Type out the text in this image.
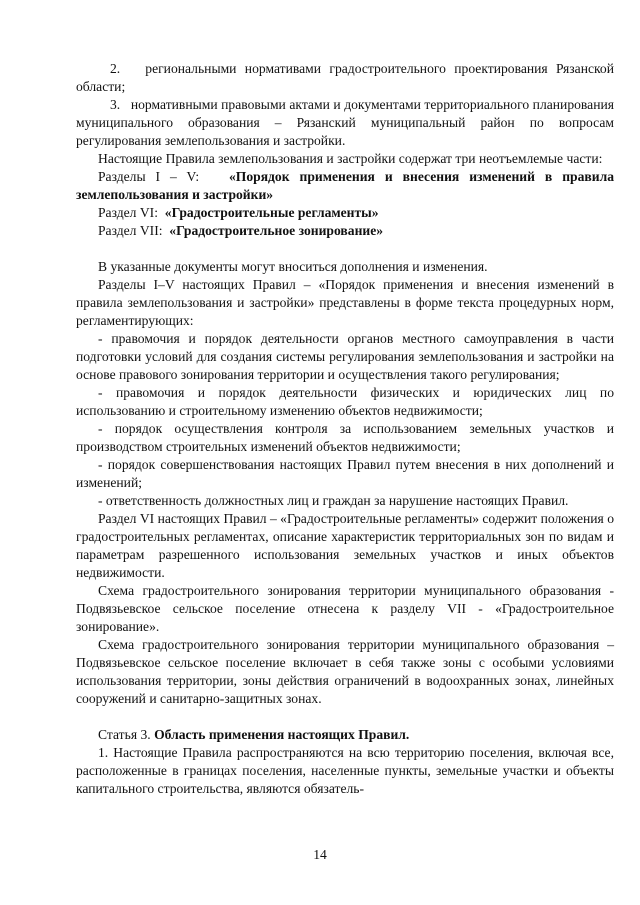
2. региональными нормативами градостроительного проектирования Рязанской области;

3. нормативными правовыми актами и документами территориального планирования муниципального образования – Рязанский муниципальный район по вопросам регулирования землепользования и застройки.

Настоящие Правила землепользования и застройки содержат три неотъемлемые части:

Разделы I – V: «Порядок применения и внесения изменений в правила землепользования и застройки»

Раздел VI: «Градостроительные регламенты»

Раздел VII: «Градостроительное зонирование»

В указанные документы могут вноситься дополнения и изменения.

Разделы I–V настоящих Правил – «Порядок применения и внесения изменений в правила землепользования и застройки» представлены в форме текста процедурных норм, регламентирующих:

- правомочия и порядок деятельности органов местного самоуправления в части подготовки условий для создания системы регулирования землепользования и застройки на основе правового зонирования территории и осуществления такого регулирования;

- правомочия и порядок деятельности физических и юридических лиц по использованию и строительному изменению объектов недвижимости;

- порядок осуществления контроля за использованием земельных участков и производством строительных изменений объектов недвижимости;

- порядок совершенствования настоящих Правил путем внесения в них дополнений и изменений;

- ответственность должностных лиц и граждан за нарушение настоящих Правил.

Раздел VI настоящих Правил – «Градостроительные регламенты» содержит положения о градостроительных регламентах, описание характеристик территориальных зон по видам и параметрам разрешенного использования земельных участков и иных объектов недвижимости.

Схема градостроительного зонирования территории муниципального образования - Подвязьевское сельское поселение отнесена к разделу VII - «Градостроительное зонирование».

Схема градостроительного зонирования территории муниципального образования – Подвязьевское сельское поселение включает в себя также зоны с особыми условиями использования территории, зоны действия ограничений в водоохранных зонах, линейных сооружений и санитарно-защитных зонах.

Статья 3. Область применения настоящих Правил.

1. Настоящие Правила распространяются на всю территорию поселения, включая все, расположенные в границах поселения, населенные пункты, земельные участки и объекты капитального строительства, являются обязатель-

14
